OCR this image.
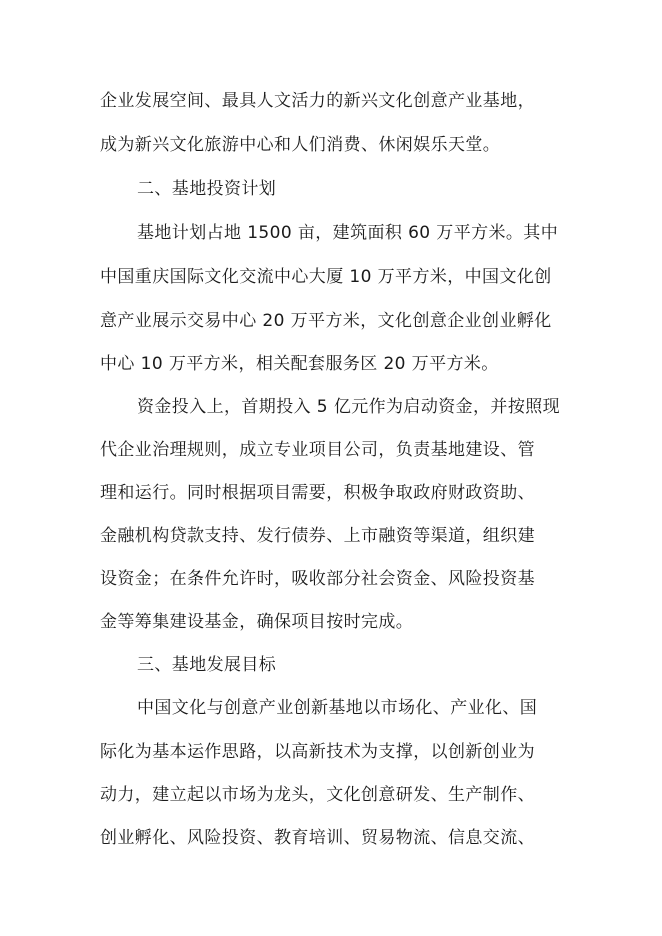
企业发展空间、最具人文活力的新兴文化创意产业基地，

成为新兴文化旅游中心和人们消费、休闲娱乐天堂。

二、基地投资计划

基地计划占地 1500 亩，建筑面积 60 万平方米。其中

中国重庆国际文化交流中心大厦 10 万平方米，中国文化创

意产业展示交易中心 20 万平方米，文化创意企业创业孵化

中心 10 万平方米，相关配套服务区 20 万平方米。

资金投入上，首期投入 5 亿元作为启动资金，并按照现

代企业治理规则，成立专业项目公司，负责基地建设、管

理和运行。同时根据项目需要，积极争取政府财政资助、

金融机构贷款支持、发行债券、上市融资等渠道，组织建

设资金；在条件允许时，吸收部分社会资金、风险投资基

金等筹集建设基金，确保项目按时完成。

三、基地发展目标

中国文化与创意产业创新基地以市场化、产业化、国

际化为基本运作思路，以高新技术为支撑，以创新创业为

动力，建立起以市场为龙头，文化创意研发、生产制作、

创业孵化、风险投资、教育培训、贸易物流、信息交流、
